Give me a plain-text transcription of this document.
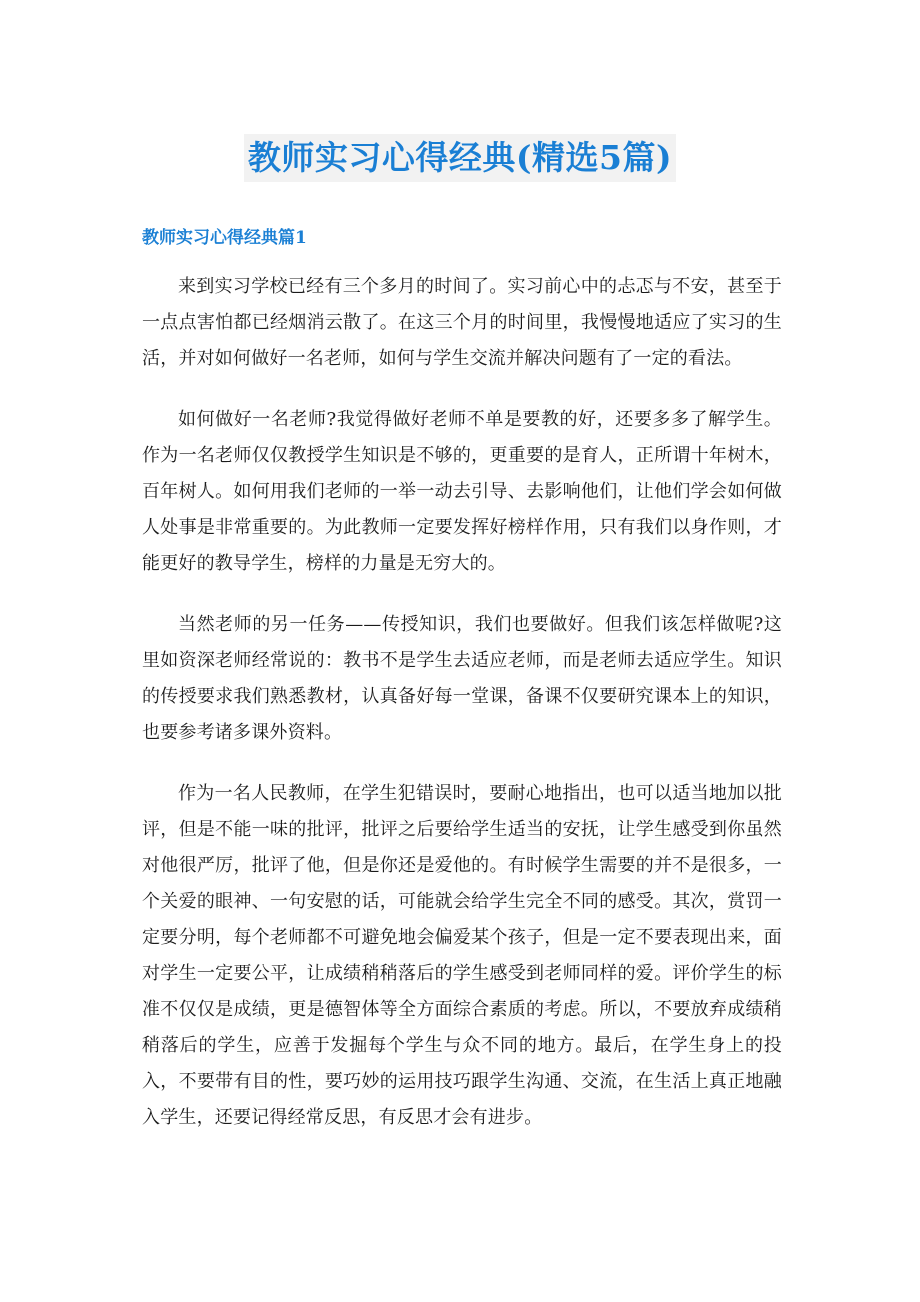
教师实习心得经典(精选5篇)
教师实习心得经典篇1

来到实习学校已经有三个多月的时间了。实习前心中的忐忑与不安，甚至于一点点害怕都已经烟消云散了。在这三个月的时间里，我慢慢地适应了实习的生活，并对如何做好一名老师，如何与学生交流并解决问题有了一定的看法。

如何做好一名老师?我觉得做好老师不单是要教的好，还要多多了解学生。作为一名老师仅仅教授学生知识是不够的，更重要的是育人，正所谓十年树木，百年树人。如何用我们老师的一举一动去引导、去影响他们，让他们学会如何做人处事是非常重要的。为此教师一定要发挥好榜样作用，只有我们以身作则，才能更好的教导学生，榜样的力量是无穷大的。

当然老师的另一任务——传授知识，我们也要做好。但我们该怎样做呢?这里如资深老师经常说的：教书不是学生去适应老师，而是老师去适应学生。知识的传授要求我们熟悉教材，认真备好每一堂课，备课不仅要研究课本上的知识，也要参考诸多课外资料。

作为一名人民教师，在学生犯错误时，要耐心地指出，也可以适当地加以批评，但是不能一味的批评，批评之后要给学生适当的安抚，让学生感受到你虽然对他很严厉，批评了他，但是你还是爱他的。有时候学生需要的并不是很多，一个关爱的眼神、一句安慰的话，可能就会给学生完全不同的感受。其次，赏罚一定要分明，每个老师都不可避免地会偏爱某个孩子，但是一定不要表现出来，面对学生一定要公平，让成绩稍稍落后的学生感受到老师同样的爱。评价学生的标准不仅仅是成绩，更是德智体等全方面综合素质的考虑。所以，不要放弃成绩稍稍落后的学生，应善于发掘每个学生与众不同的地方。最后，在学生身上的投入，不要带有目的性，要巧妙的运用技巧跟学生沟通、交流，在生活上真正地融入学生，还要记得经常反思，有反思才会有进步。
